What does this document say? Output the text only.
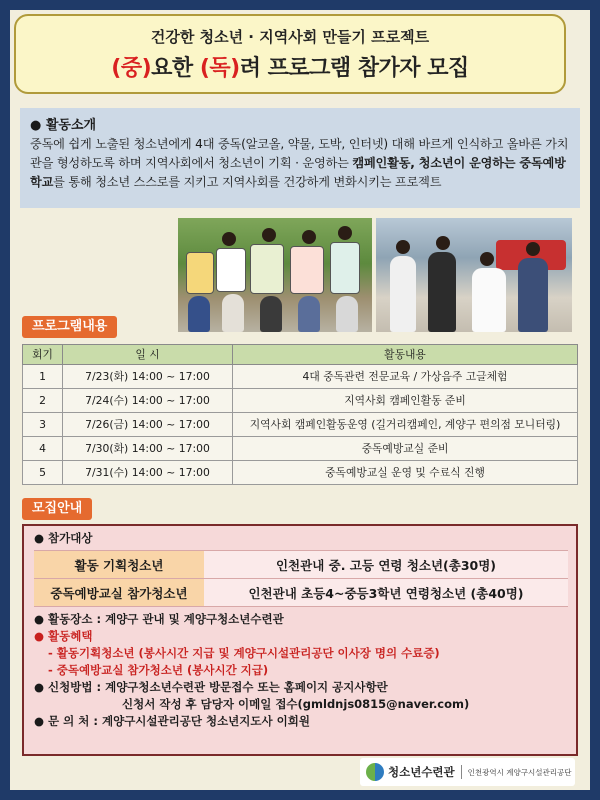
건강한 청소년 · 지역사회 만들기 프로젝트
(중)요한 (독)려 프로그램 참가자 모집
● 활동소개
중독에 쉽게 노출된 청소년에게 4대 중독(알코올, 약물, 도박, 인터넷) 대해 바르게 인식하고 올바른 가치관을 형성하도록 하며 지역사회에서 청소년이 기획 · 운영하는 캠페인활동, 청소년이 운영하는 중독예방학교를 통해 청소년 스스로를 지키고 지역사회를 건강하게 변화시키는 프로젝트
프로그램내용
회기	일 시	활동내용
1	7/23(화) 14:00 ~ 17:00	4대 중독관련 전문교육 / 가상음주 고글체험
2	7/24(수) 14:00 ~ 17:00	지역사회 캠페인활동 준비
3	7/26(금) 14:00 ~ 17:00	지역사회 캠페인활동운영 (길거리캠페인, 계양구 편의점 모니터링)
4	7/30(화) 14:00 ~ 17:00	중독예방교실 준비
5	7/31(수) 14:00 ~ 17:00	중독예방교실 운영 및 수료식 진행
모집안내
● 참가대상
활동 기획청소년	인천관내 중. 고등 연령 청소년(총30명)
중독예방교실 참가청소년	인천관내 초등4~중등3학년 연령청소년 (총40명)
● 활동장소 : 계양구 관내 및 계양구청소년수련관
● 활동혜택
- 활동기획청소년 (봉사시간 지급 및 계양구시설관리공단 이사장 명의 수료증)
- 중독예방교실 참가청소년 (봉사시간 지급)
● 신청방법 : 계양구청소년수련관 방문접수 또는 홈페이지 공지사항란
신청서 작성 후 담당자 이메일 접수(gmldnjs0815@naver.com)
● 문 의 처 : 계양구시설관리공단 청소년지도사 이희원
청소년수련관 인천광역시 계양구시설관리공단
